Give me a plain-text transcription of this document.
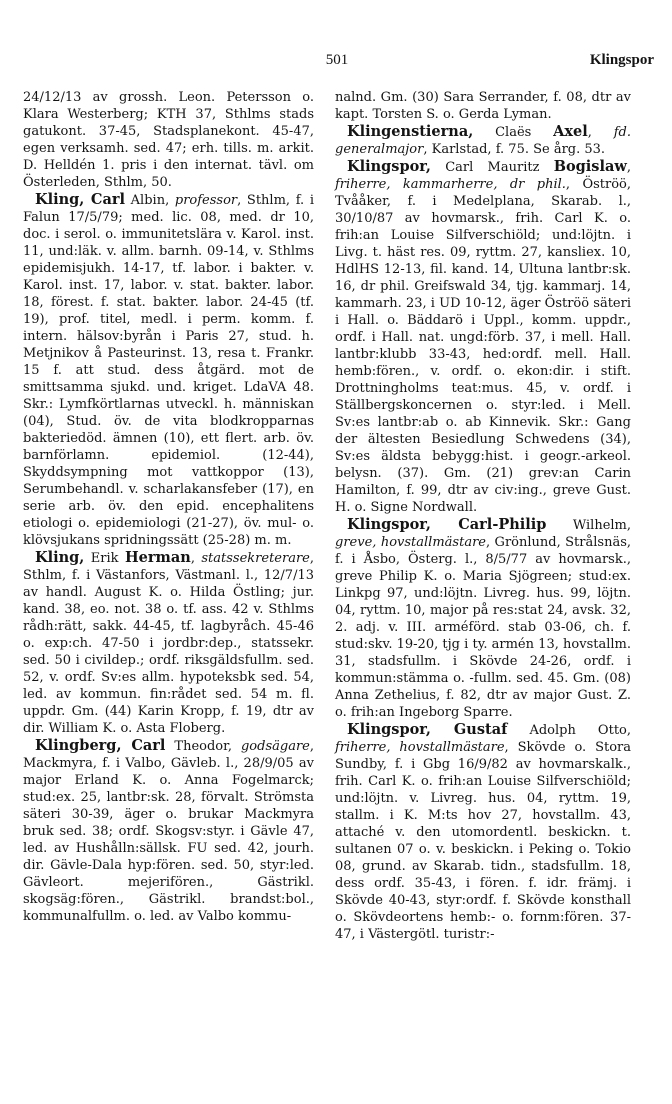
501	Klingspor

24/12/13 av grossh. Leon. Petersson o. Klara Westerberg; KTH 37, Sthlms stads gatukont. 37-45, Stadsplanekont. 45-47, egen verksamh. sed. 47; erh. tills. m. arkit. D. Helldén 1. pris i den internat. tävl. om Österleden, Sthlm, 50.

Kling, Carl Albin, professor, Sthlm, f. i Falun 17/5/79; med. lic. 08, med. dr 10, doc. i serol. o. immunitetslära v. Karol. inst. 11, und:läk. v. allm. barnh. 09-14, v. Sthlms epidemisjukh. 14-17, tf. labor. i bakter. v. Karol. inst. 17, labor. v. stat. bakter. labor. 18, förest. f. stat. bakter. labor. 24-45 (tf. 19), prof. titel, medl. i perm. komm. f. intern. hälsov:byrån i Paris 27, stud. h. Metjnikov å Pasteurinst. 13, resa t. Frankr. 15 f. att stud. dess åtgärd. mot de smittsamma sjukd. und. kriget. LdaVA 48. Skr.: Lymfkörtlarnas utveckl. h. människan (04), Stud. öv. de vita blodkropparnas bakteriedöd. ämnen (10), ett flert. arb. öv. barnförlamn. epidemiol. (12-44), Skyddsympning mot vattkoppor (13), Serumbehandl. v. scharlakansfeber (17), en serie arb. öv. den epid. encephalitens etiologi o. epidemiologi (21-27), öv. mul- o. klövsjukans spridningssätt (25-28) m. m.

Kling, Erik Herman, statssekreterare, Sthlm, f. i Västanfors, Västmanl. l., 12/7/13 av handl. August K. o. Hilda Östling; jur. kand. 38, eo. not. 38 o. tf. ass. 42 v. Sthlms rådh:rätt, sakk. 44-45, tf. lagbyråch. 45-46 o. exp:ch. 47-50 i jordbr:dep., statssekr. sed. 50 i civildep.; ordf. riksgäldsfullm. sed. 52, v. ordf. Sv:es allm. hypoteksbk sed. 54, led. av kommun. fin:rådet sed. 54 m. fl. uppdr. Gm. (44) Karin Kropp, f. 19, dtr av dir. William K. o. Asta Floberg.

Klingberg, Carl Theodor, godsägare, Mackmyra, f. i Valbo, Gävleb. l., 28/9/05 av major Erland K. o. Anna Fogelmarck; stud:ex. 25, lantbr:sk. 28, förvalt. Strömsta säteri 30-39, äger o. brukar Mackmyra bruk sed. 38; ordf. Skogsv:styr. i Gävle 47, led. av Hushålln:sällsk. FU sed. 42, jourh. dir. Gävle-Dala hyp:fören. sed. 50, styr:led. Gävleort. mejerifören., Gästrikl. skogsäg:fören., Gästrikl. brandst:bol., kommunalfullm. o. led. av Valbo kommu-

nalnd. Gm. (30) Sara Serrander, f. 08, dtr av kapt. Torsten S. o. Gerda Lyman.

Klingenstierna, Claës Axel, fd. generalmajor, Karlstad, f. 75. Se årg. 53.

Klingspor, Carl Mauritz Bogislaw, friherre, kammarherre, dr phil., Öströö, Tvååker, f. i Medelplana, Skarab. l., 30/10/87 av hovmarsk., frih. Carl K. o. frih:an Louise Silfverschiöld; und:löjtn. i Livg. t. häst res. 09, ryttm. 27, kansliex. 10, HdlHS 12-13, fil. kand. 14, Ultuna lantbr:sk. 16, dr phil. Greifswald 34, tjg. kammarj. 14, kammarh. 23, i UD 10-12, äger Öströö säteri i Hall. o. Bäddarö i Uppl., komm. uppdr., ordf. i Hall. nat. ungd:förb. 37, i mell. Hall. lantbr:klubb 33-43, hed:ordf. mell. Hall. hemb:fören., v. ordf. o. ekon:dir. i stift. Drottningholms teat:mus. 45, v. ordf. i Ställbergskoncernen o. styr:led. i Mell. Sv:es lantbr:ab o. ab Kinnevik. Skr.: Gang der ältesten Besiedlung Schwedens (34), Sv:es äldsta bebygg:hist. i geogr.-arkeol. belysn. (37). Gm. (21) grev:an Carin Hamilton, f. 99, dtr av civ:ing., greve Gust. H. o. Signe Nordwall.

Klingspor, Carl-Philip Wilhelm, greve, hovstallmästare, Grönlund, Strålsnäs, f. i Åsbo, Österg. l., 8/5/77 av hovmarsk., greve Philip K. o. Maria Sjögreen; stud:ex. Linkpg 97, und:löjtn. Livreg. hus. 99, löjtn. 04, ryttm. 10, major på res:stat 24, avsk. 32, 2. adj. v. III. arméförd. stab 03-06, ch. f. stud:skv. 19-20, tjg i ty. armén 13, hovstallm. 31, stadsfullm. i Skövde 24-26, ordf. i kommun:stämma o. -fullm. sed. 45. Gm. (08) Anna Zethelius, f. 82, dtr av major Gust. Z. o. frih:an Ingeborg Sparre.

Klingspor, Gustaf Adolph Otto, friherre, hovstallmästare, Skövde o. Stora Sundby, f. i Gbg 16/9/82 av hovmarskalk., frih. Carl K. o. frih:an Louise Silfverschiöld; und:löjtn. v. Livreg. hus. 04, ryttm. 19, stallm. i K. M:ts hov 27, hovstallm. 43, attaché v. den utomordentl. beskickn. t. sultanen 07 o. v. beskickn. i Peking o. Tokio 08, grund. av Skarab. tidn., stadsfullm. 18, dess ordf. 35-43, i fören. f. idr. främj. i Skövde 40-43, styr:ordf. f. Skövde konsthall o. Skövdeortens hemb:- o. fornm:fören. 37-47, i Västergötl. turistr:-
